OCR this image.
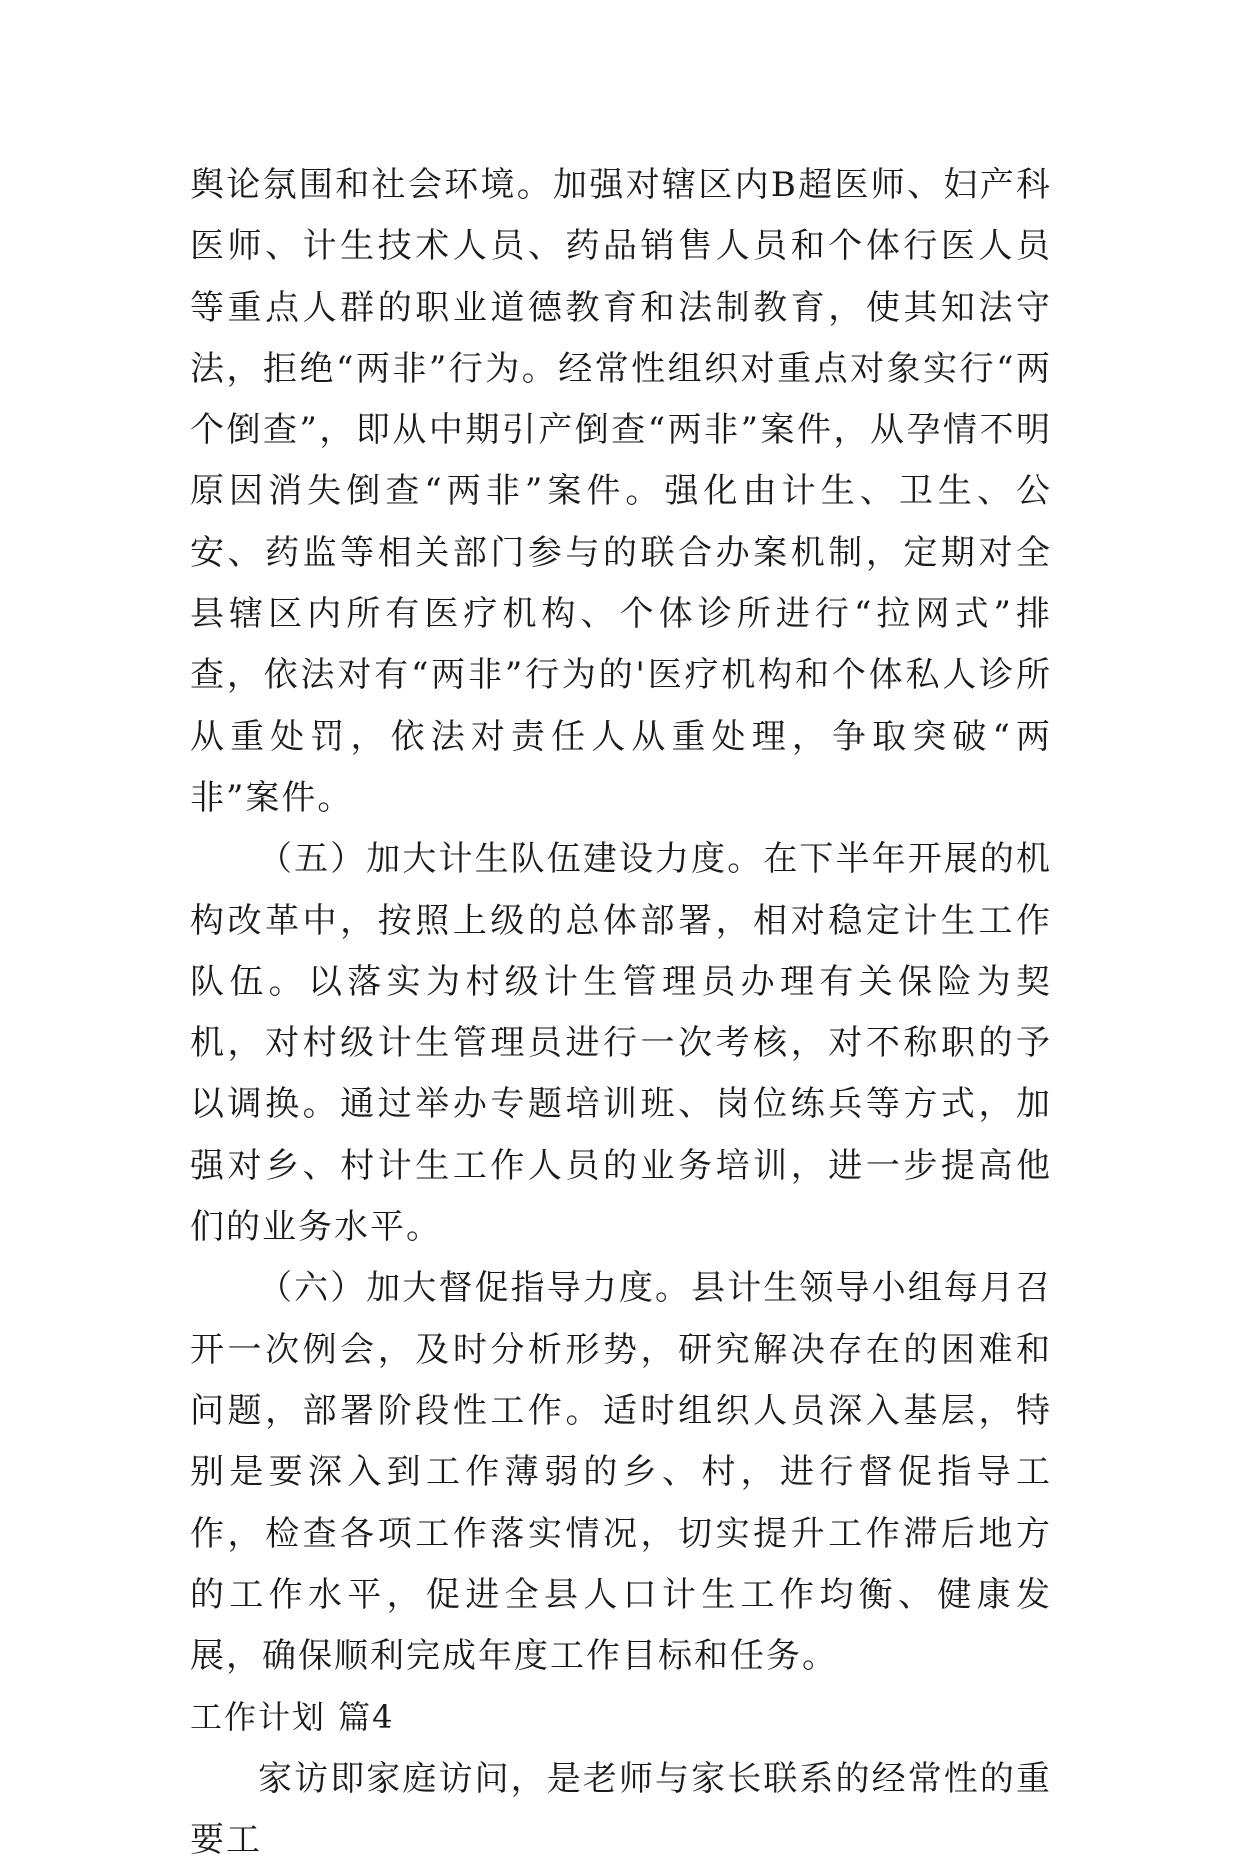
舆论氛围和社会环境。加强对辖区内B超医师、妇产科医师、计生技术人员、药品销售人员和个体行医人员等重点人群的职业道德教育和法制教育，使其知法守法，拒绝“两非”行为。经常性组织对重点对象实行“两个倒查”，即从中期引产倒查“两非”案件，从孕情不明原因消失倒查“两非”案件。强化由计生、卫生、公安、药监等相关部门参与的联合办案机制，定期对全县辖区内所有医疗机构、个体诊所进行“拉网式”排查，依法对有“两非”行为的'医疗机构和个体私人诊所从重处罚，依法对责任人从重处理，争取突破“两非”案件。

（五）加大计生队伍建设力度。在下半年开展的机构改革中，按照上级的总体部署，相对稳定计生工作队伍。以落实为村级计生管理员办理有关保险为契机，对村级计生管理员进行一次考核，对不称职的予以调换。通过举办专题培训班、岗位练兵等方式，加强对乡、村计生工作人员的业务培训，进一步提高他们的业务水平。

（六）加大督促指导力度。县计生领导小组每月召开一次例会，及时分析形势，研究解决存在的困难和问题，部署阶段性工作。适时组织人员深入基层，特别是要深入到工作薄弱的乡、村，进行督促指导工作，检查各项工作落实情况，切实提升工作滞后地方的工作水平，促进全县人口计生工作均衡、健康发展，确保顺利完成年度工作目标和任务。

工作计划 篇4

家访即家庭访问，是老师与家长联系的经常性的重要工
